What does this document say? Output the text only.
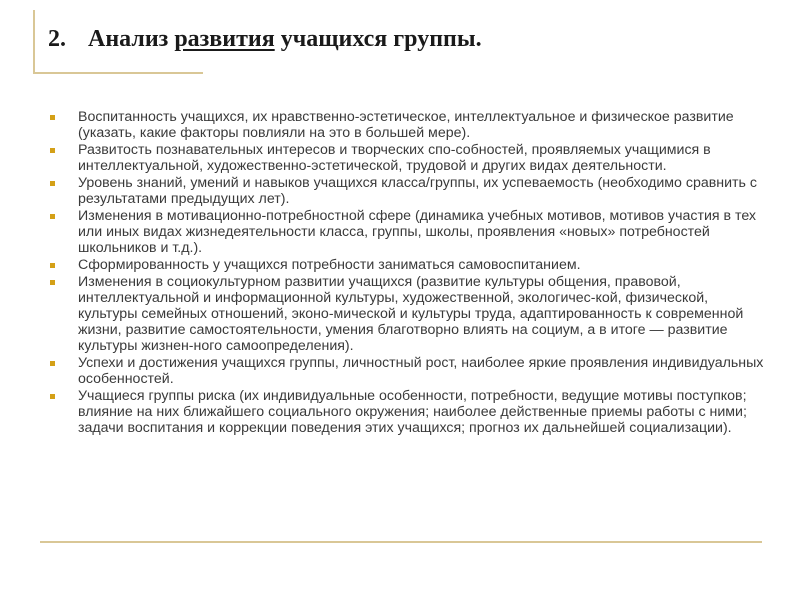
2. Анализ развития учащихся группы.
Воспитанность учащихся, их нравственно-эстетическое, интеллектуальное и физическое развитие (указать, какие факторы повлияли на это в большей мере).
Развитость познавательных интересов и творческих спо-собностей, проявляемых учащимися в интеллектуальной, художественно-эстетической, трудовой и других видах деятельности.
Уровень знаний, умений и навыков учащихся класса/группы, их успеваемость (необходимо сравнить с результатами предыдущих лет).
Изменения в мотивационно-потребностной сфере (динамика учебных мотивов, мотивов участия в тех или иных видах жизнедеятельности класса, группы, школы, проявления «новых» потребностей школьников и т.д.).
Сформированность у учащихся потребности заниматься самовоспитанием.
Изменения в социокультурном развитии учащихся (развитие культуры общения, правовой, интеллектуальной и информационной культуры, художественной, экологичес-кой, физической, культуры семейных отношений, эконо-мической и культуры труда, адаптированность к современной жизни, развитие самостоятельности, умения благотворно влиять на социум, а в итоге — развитие культуры жизнен-ного самоопределения).
Успехи и достижения учащихся группы, личностный рост, наиболее яркие проявления индивидуальных особенностей.
Учащиеся группы риска (их индивидуальные особенности, потребности, ведущие мотивы поступков; влияние на них ближайшего социального окружения; наиболее действенные приемы работы с ними; задачи воспитания и коррекции поведения этих учащихся; прогноз их дальнейшей социализации).
